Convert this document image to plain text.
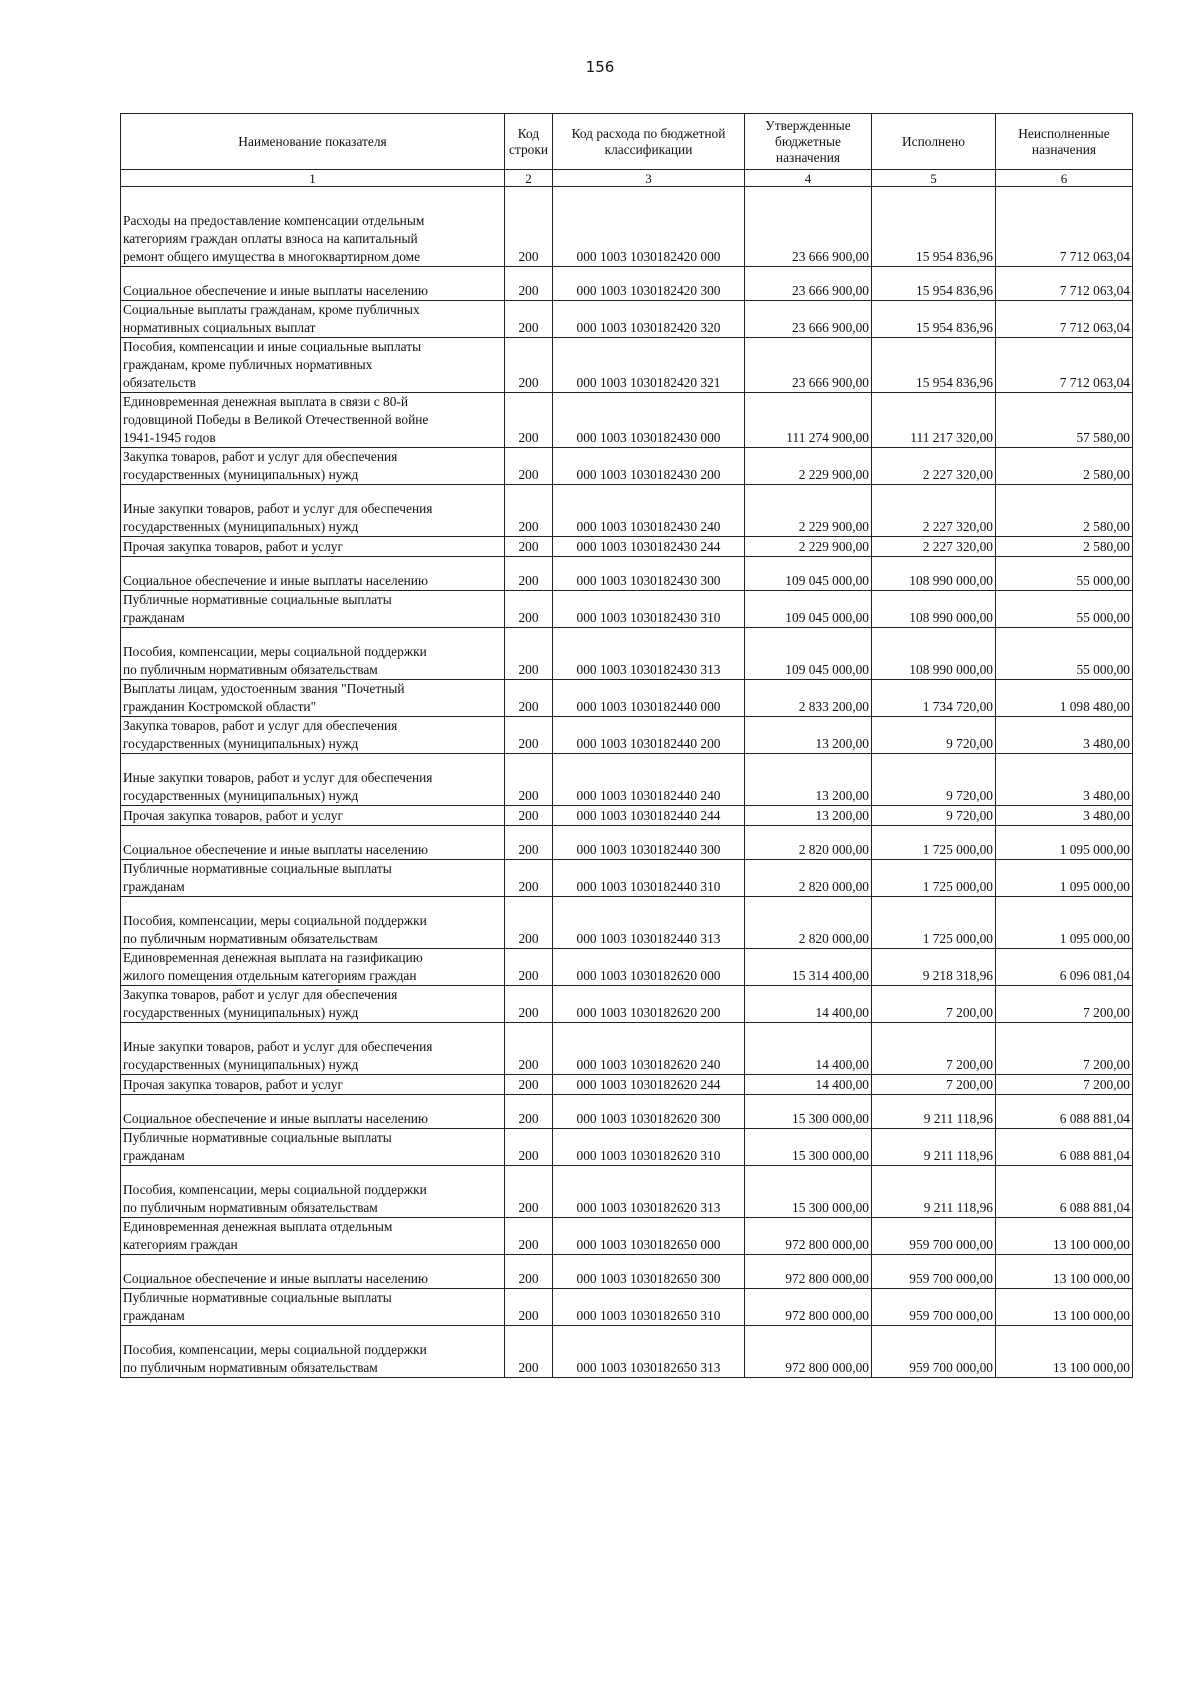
156
Наименование показателя	Код строки	Код расхода по бюджетной классификации	Утвержденные бюджетные назначения	Исполнено	Неисполненные назначения
1	2	3	4	5	6

Расходы на предоставление компенсации отдельным
категориям граждан оплаты взноса на капитальный
ремонт общего имущества в многоквартирном доме	200	000 1003 1030182420 000	23 666 900,00	15 954 836,96	7 712 063,04

Социальное обеспечение и иные выплаты населению	200	000 1003 1030182420 300	23 666 900,00	15 954 836,96	7 712 063,04

Социальные выплаты гражданам, кроме публичных
нормативных социальных выплат	200	000 1003 1030182420 320	23 666 900,00	15 954 836,96	7 712 063,04

Пособия, компенсации и иные социальные выплаты
гражданам, кроме публичных нормативных
обязательств	200	000 1003 1030182420 321	23 666 900,00	15 954 836,96	7 712 063,04

Единовременная денежная выплата в связи с 80-й
годовщиной Победы в Великой Отечественной войне
1941-1945 годов	200	000 1003 1030182430 000	111 274 900,00	111 217 320,00	57 580,00

Закупка товаров, работ и услуг для обеспечения
государственных (муниципальных) нужд	200	000 1003 1030182430 200	2 229 900,00	2 227 320,00	2 580,00

Иные закупки товаров, работ и услуг для обеспечения
государственных (муниципальных) нужд	200	000 1003 1030182430 240	2 229 900,00	2 227 320,00	2 580,00

Прочая закупка товаров, работ и услуг	200	000 1003 1030182430 244	2 229 900,00	2 227 320,00	2 580,00

Социальное обеспечение и иные выплаты населению	200	000 1003 1030182430 300	109 045 000,00	108 990 000,00	55 000,00

Публичные нормативные социальные выплаты
гражданам	200	000 1003 1030182430 310	109 045 000,00	108 990 000,00	55 000,00

Пособия, компенсации, меры социальной поддержки
по публичным нормативным обязательствам	200	000 1003 1030182430 313	109 045 000,00	108 990 000,00	55 000,00

Выплаты лицам, удостоенным звания "Почетный
гражданин Костромской области"	200	000 1003 1030182440 000	2 833 200,00	1 734 720,00	1 098 480,00

Закупка товаров, работ и услуг для обеспечения
государственных (муниципальных) нужд	200	000 1003 1030182440 200	13 200,00	9 720,00	3 480,00

Иные закупки товаров, работ и услуг для обеспечения
государственных (муниципальных) нужд	200	000 1003 1030182440 240	13 200,00	9 720,00	3 480,00

Прочая закупка товаров, работ и услуг	200	000 1003 1030182440 244	13 200,00	9 720,00	3 480,00

Социальное обеспечение и иные выплаты населению	200	000 1003 1030182440 300	2 820 000,00	1 725 000,00	1 095 000,00

Публичные нормативные социальные выплаты
гражданам	200	000 1003 1030182440 310	2 820 000,00	1 725 000,00	1 095 000,00

Пособия, компенсации, меры социальной поддержки
по публичным нормативным обязательствам	200	000 1003 1030182440 313	2 820 000,00	1 725 000,00	1 095 000,00

Единовременная денежная выплата на газификацию
жилого помещения отдельным категориям граждан	200	000 1003 1030182620 000	15 314 400,00	9 218 318,96	6 096 081,04

Закупка товаров, работ и услуг для обеспечения
государственных (муниципальных) нужд	200	000 1003 1030182620 200	14 400,00	7 200,00	7 200,00

Иные закупки товаров, работ и услуг для обеспечения
государственных (муниципальных) нужд	200	000 1003 1030182620 240	14 400,00	7 200,00	7 200,00

Прочая закупка товаров, работ и услуг	200	000 1003 1030182620 244	14 400,00	7 200,00	7 200,00

Социальное обеспечение и иные выплаты населению	200	000 1003 1030182620 300	15 300 000,00	9 211 118,96	6 088 881,04

Публичные нормативные социальные выплаты
гражданам	200	000 1003 1030182620 310	15 300 000,00	9 211 118,96	6 088 881,04

Пособия, компенсации, меры социальной поддержки
по публичным нормативным обязательствам	200	000 1003 1030182620 313	15 300 000,00	9 211 118,96	6 088 881,04

Единовременная денежная выплата отдельным
категориям граждан	200	000 1003 1030182650 000	972 800 000,00	959 700 000,00	13 100 000,00

Социальное обеспечение и иные выплаты населению	200	000 1003 1030182650 300	972 800 000,00	959 700 000,00	13 100 000,00

Публичные нормативные социальные выплаты
гражданам	200	000 1003 1030182650 310	972 800 000,00	959 700 000,00	13 100 000,00

Пособия, компенсации, меры социальной поддержки
по публичным нормативным обязательствам	200	000 1003 1030182650 313	972 800 000,00	959 700 000,00	13 100 000,00
